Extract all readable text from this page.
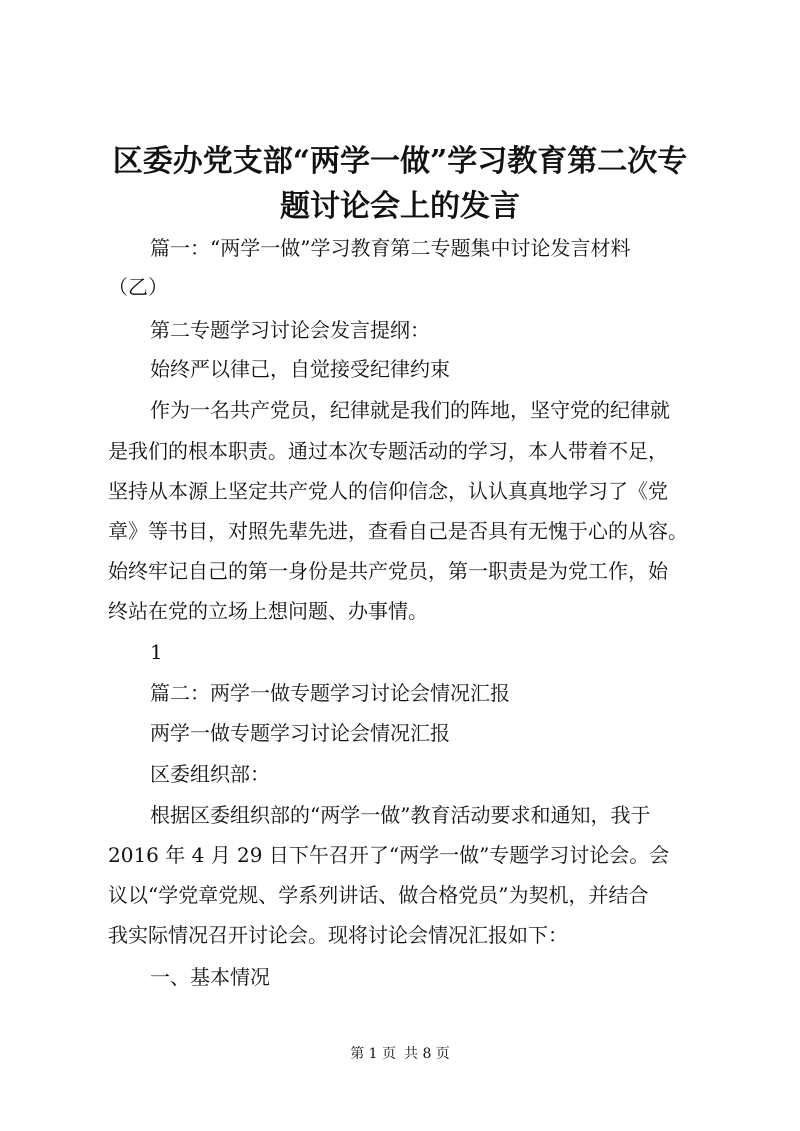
区委办党支部“两学一做”学习教育第二次专
题讨论会上的发言

篇一：“两学一做”学习教育第二专题集中讨论发言材料

（乙）

第二专题学习讨论会发言提纲：

始终严以律己，自觉接受纪律约束

作为一名共产党员，纪律就是我们的阵地，坚守党的纪律就

是我们的根本职责。通过本次专题活动的学习，本人带着不足，

坚持从本源上坚定共产党人的信仰信念，认认真真地学习了《党

章》等书目，对照先辈先进，查看自己是否具有无愧于心的从容。

始终牢记自己的第一身份是共产党员，第一职责是为党工作，始

终站在党的立场上想问题、办事情。

1

篇二：两学一做专题学习讨论会情况汇报

两学一做专题学习讨论会情况汇报

区委组织部：

根据区委组织部的“两学一做”教育活动要求和通知，我于

2016 年 4 月 29 日下午召开了“两学一做”专题学习讨论会。会

议以“学党章党规、学系列讲话、做合格党员”为契机，并结合

我实际情况召开讨论会。现将讨论会情况汇报如下：

一、基本情况

第 1 页 共 8 页
